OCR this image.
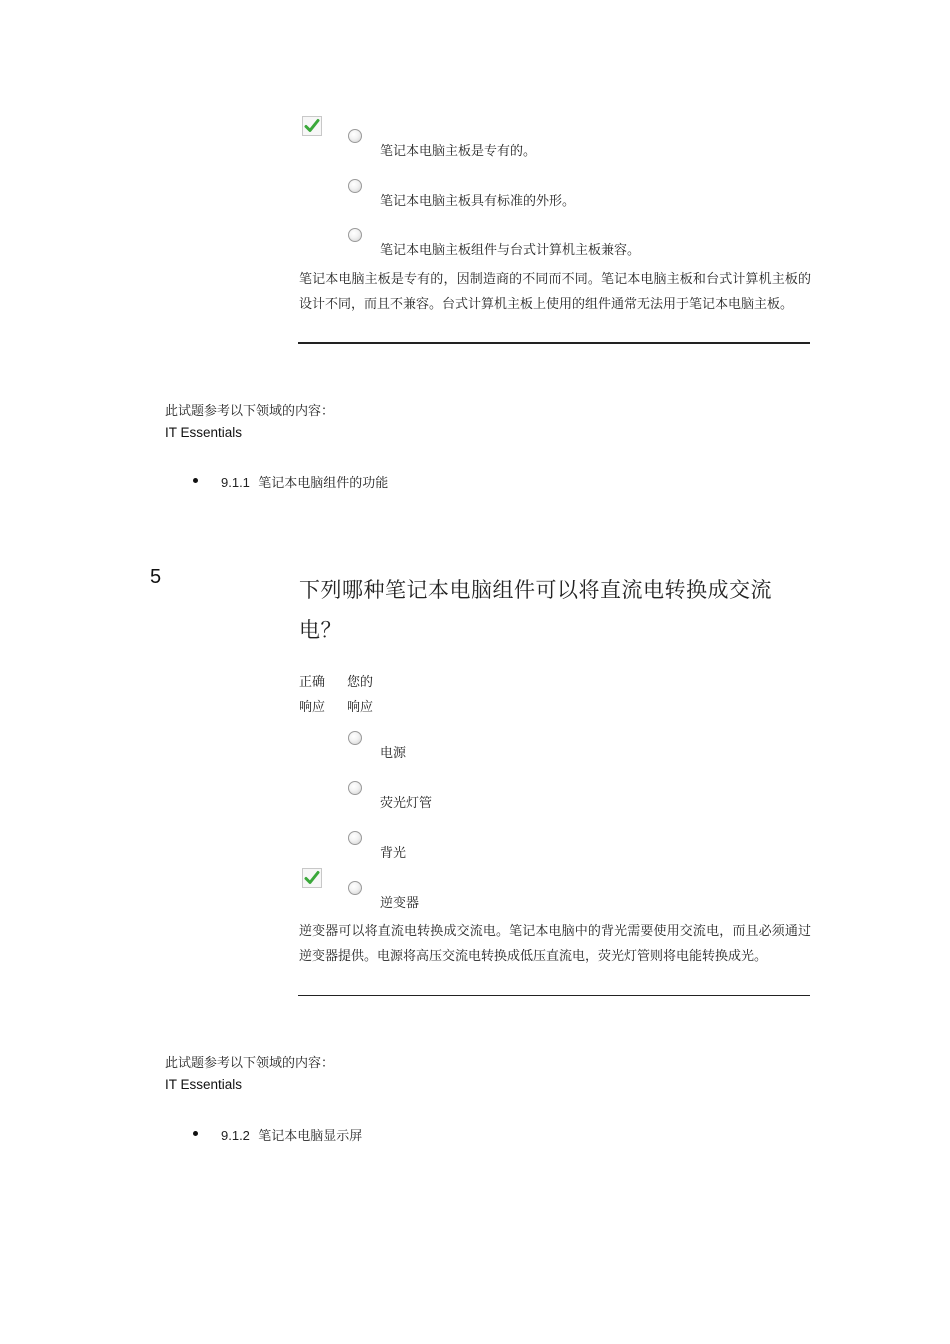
笔记本电脑主板是专有的。
笔记本电脑主板具有标准的外形。
笔记本电脑主板组件与台式计算机主板兼容。
笔记本电脑主板是专有的，因制造商的不同而不同。笔记本电脑主板和台式计算机主板的设计不同，而且不兼容。台式计算机主板上使用的组件通常无法用于笔记本电脑主板。
此试题参考以下领域的内容：
IT Essentials
9.1.1 笔记本电脑组件的功能
5
下列哪种笔记本电脑组件可以将直流电转换成交流电？
正确
响应
您的
响应
电源
荧光灯管
背光
逆变器
逆变器可以将直流电转换成交流电。笔记本电脑中的背光需要使用交流电，而且必须通过逆变器提供。电源将高压交流电转换成低压直流电，荧光灯管则将电能转换成光。
此试题参考以下领域的内容：
IT Essentials
9.1.2 笔记本电脑显示屏
